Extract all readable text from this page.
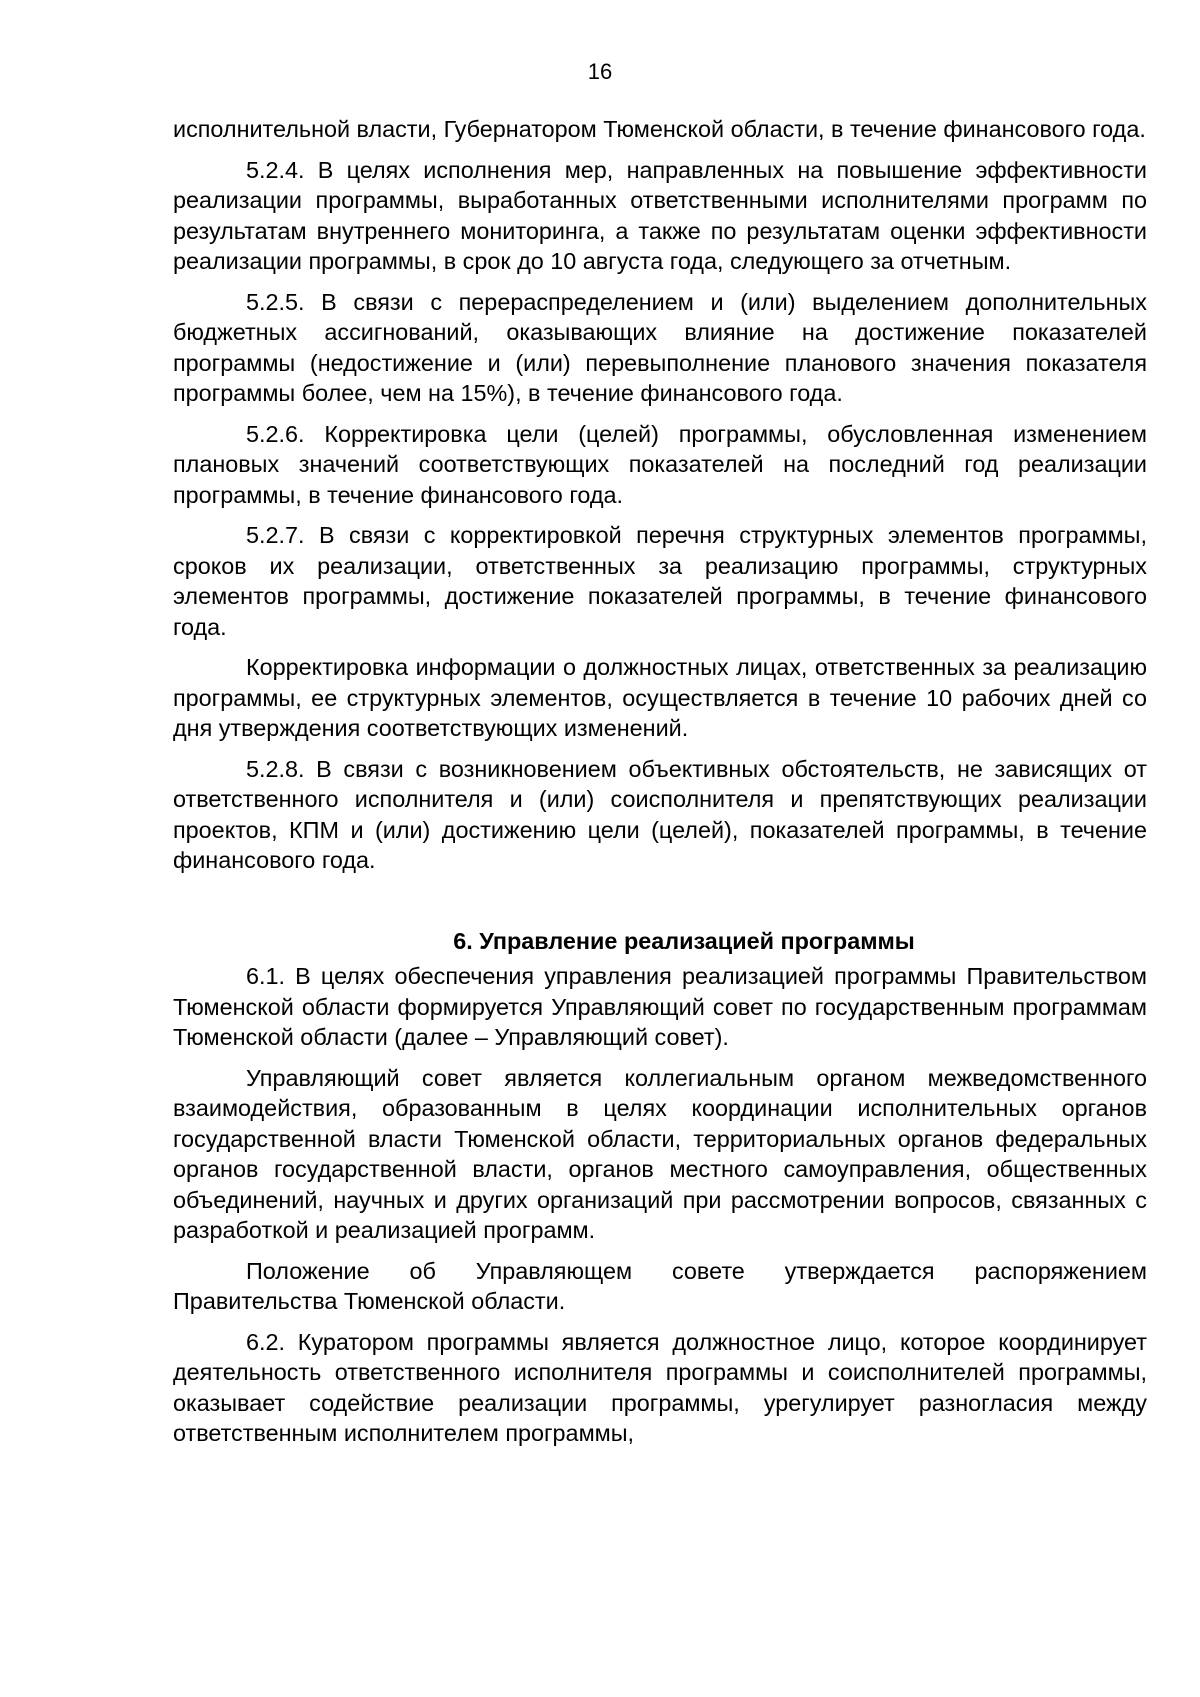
16

исполнительной власти, Губернатором Тюменской области, в течение финансового года.

5.2.4. В целях исполнения мер, направленных на повышение эффективности реализации программы, выработанных ответственными исполнителями программ по результатам внутреннего мониторинга, а также по результатам оценки эффективности реализации программы, в срок до 10 августа года, следующего за отчетным.

5.2.5. В связи с перераспределением и (или) выделением дополнительных бюджетных ассигнований, оказывающих влияние на достижение показателей программы (недостижение и (или) перевыполнение планового значения показателя программы более, чем на 15%), в течение финансового года.

5.2.6. Корректировка цели (целей) программы, обусловленная изменением плановых значений соответствующих показателей на последний год реализации программы, в течение финансового года.

5.2.7. В связи с корректировкой перечня структурных элементов программы, сроков их реализации, ответственных за реализацию программы, структурных элементов программы, достижение показателей программы, в течение финансового года.

Корректировка информации о должностных лицах, ответственных за реализацию программы, ее структурных элементов, осуществляется в течение 10 рабочих дней со дня утверждения соответствующих изменений.

5.2.8. В связи с возникновением объективных обстоятельств, не зависящих от ответственного исполнителя и (или) соисполнителя и препятствующих реализации проектов, КПМ и (или) достижению цели (целей), показателей программы, в течение финансового года.

6. Управление реализацией программы

6.1. В целях обеспечения управления реализацией программы Правительством Тюменской области формируется Управляющий совет по государственным программам Тюменской области (далее – Управляющий совет).

Управляющий совет является коллегиальным органом межведомственного взаимодействия, образованным в целях координации исполнительных органов государственной власти Тюменской области, территориальных органов федеральных органов государственной власти, органов местного самоуправления, общественных объединений, научных и других организаций при рассмотрении вопросов, связанных с разработкой и реализацией программ.

Положение об Управляющем совете утверждается распоряжением Правительства Тюменской области.

6.2. Куратором программы является должностное лицо, которое координирует деятельность ответственного исполнителя программы и соисполнителей программы, оказывает содействие реализации программы, урегулирует разногласия между ответственным исполнителем программы,
